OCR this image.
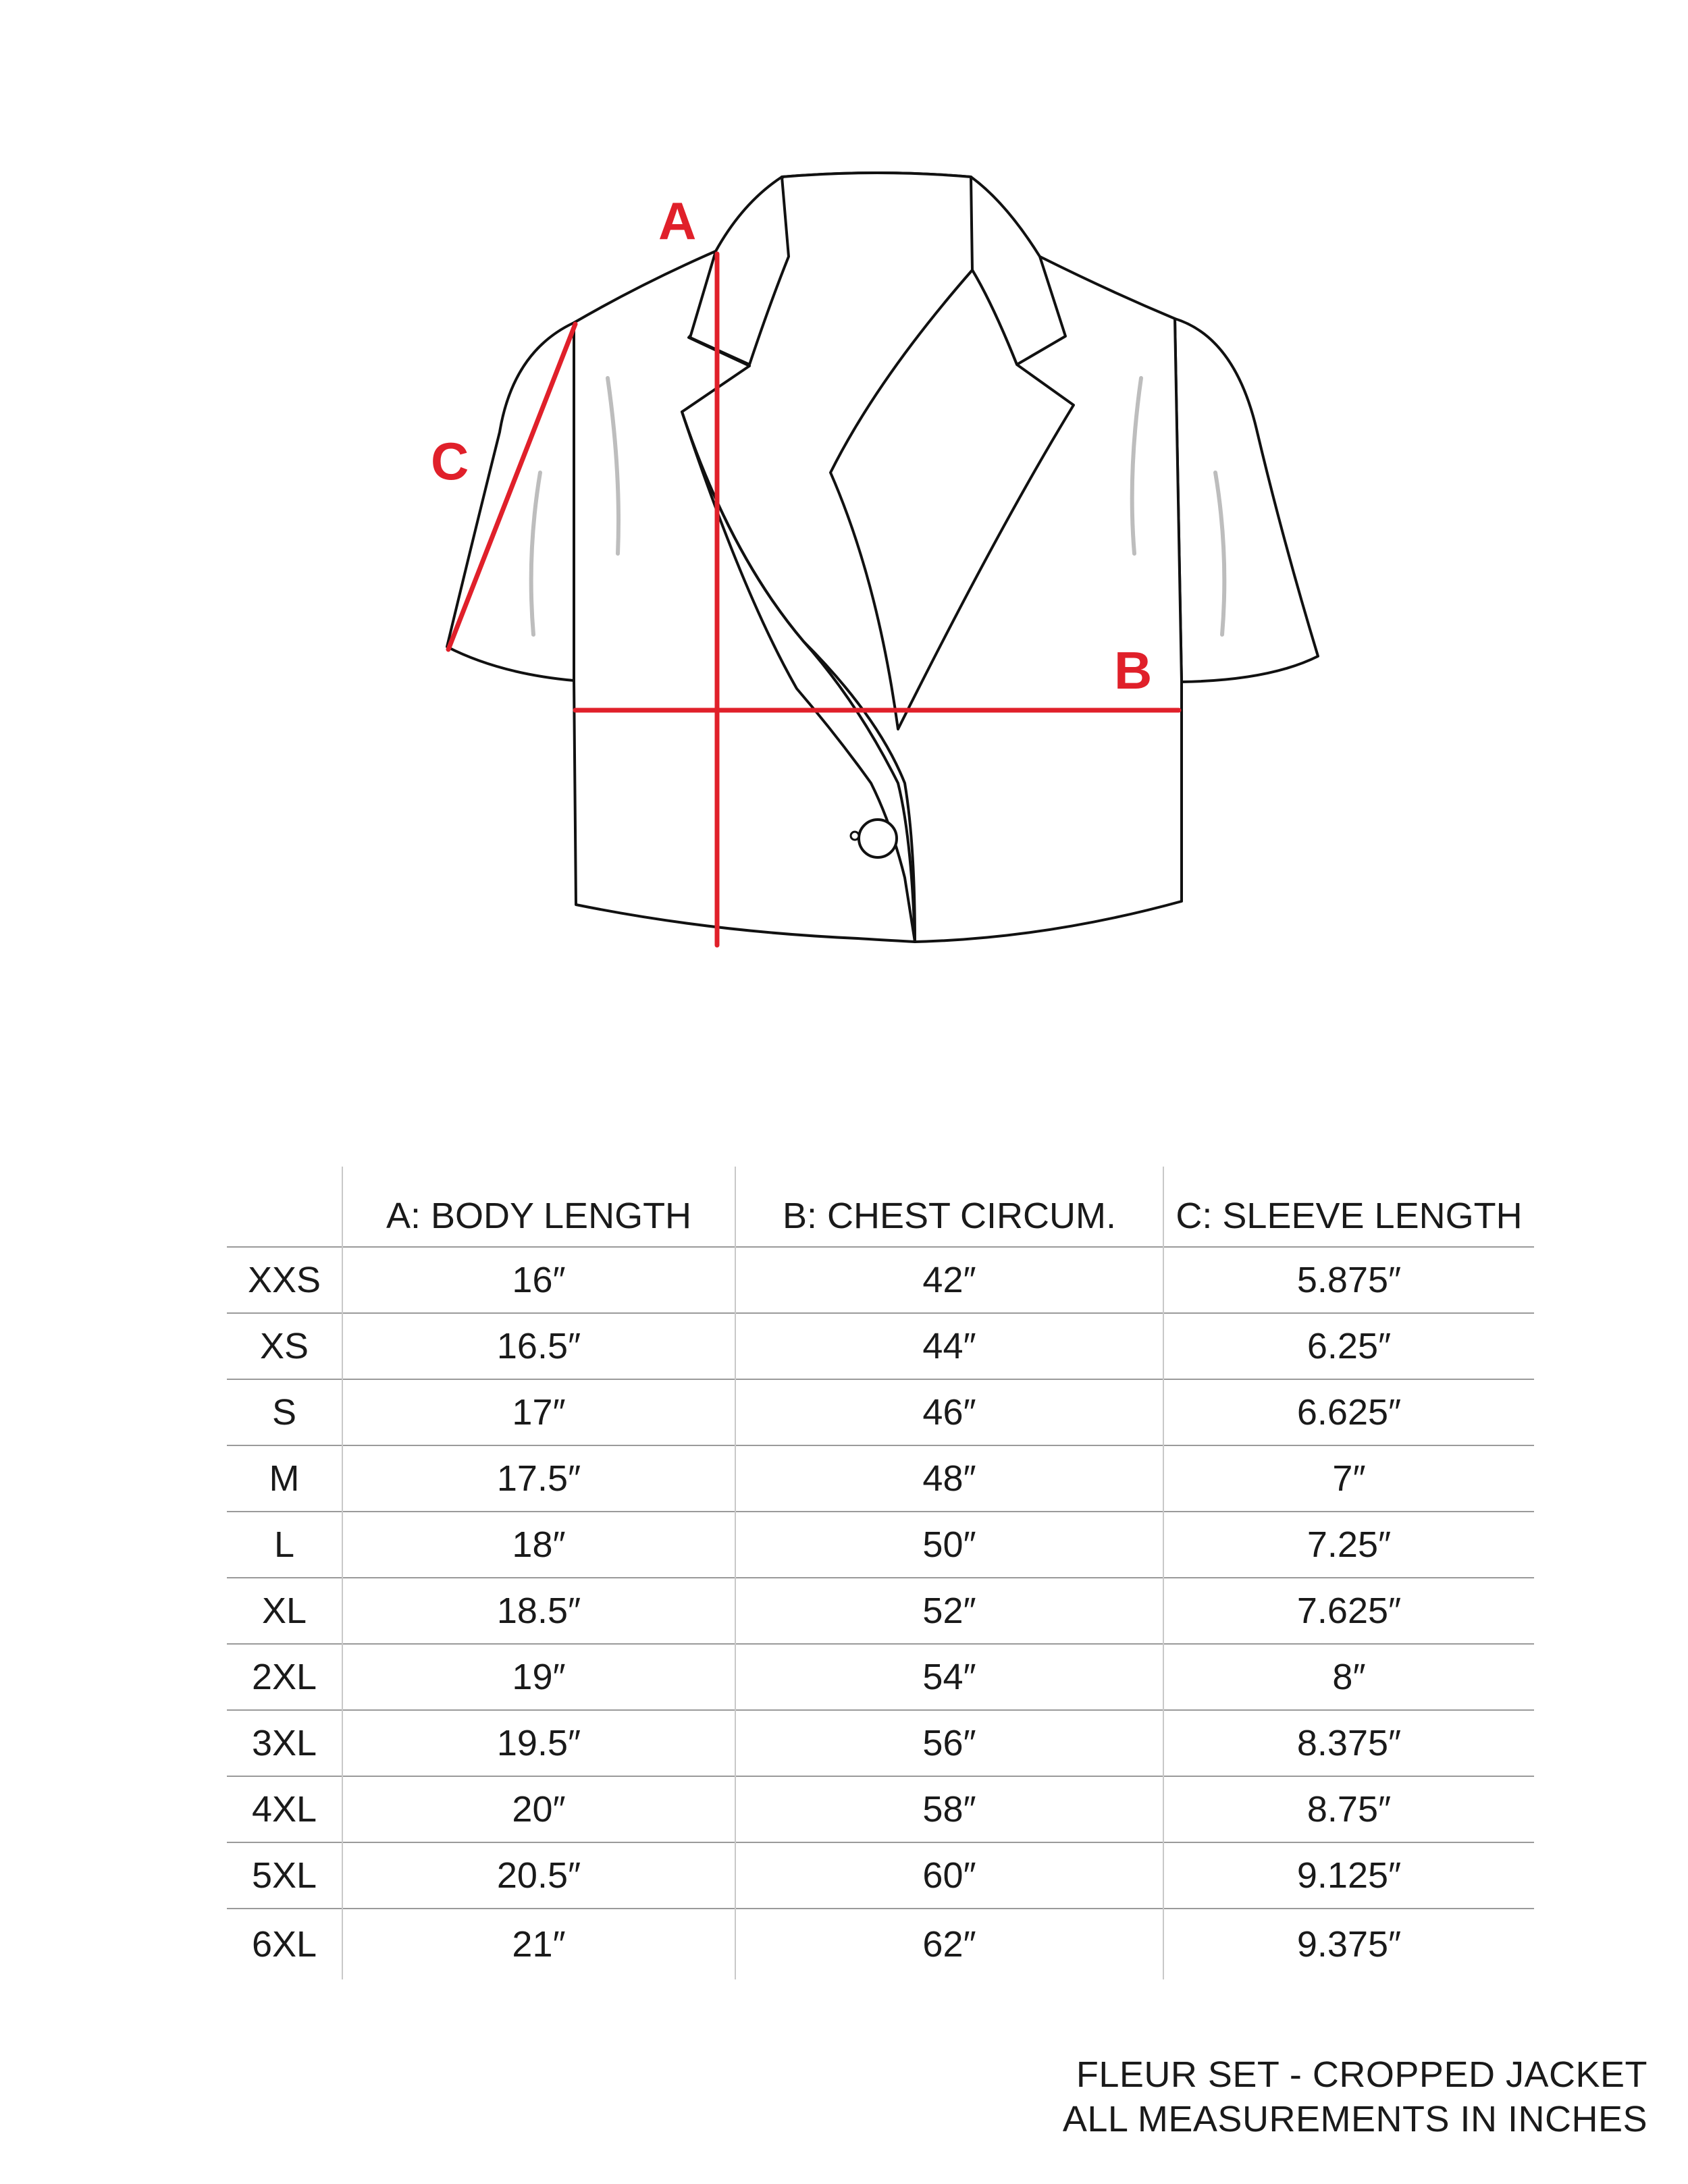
A
B
C
	A: BODY LENGTH	B: CHEST CIRCUM.	C: SLEEVE LENGTH
XXS	16″	42″	5.875″
XS	16.5″	44″	6.25″
S	17″	46″	6.625″
M	17.5″	48″	7″
L	18″	50″	7.25″
XL	18.5″	52″	7.625″
2XL	19″	54″	8″
3XL	19.5″	56″	8.375″
4XL	20″	58″	8.75″
5XL	20.5″	60″	9.125″
6XL	21″	62″	9.375″
FLEUR SET - CROPPED JACKET
ALL MEASUREMENTS IN INCHES
